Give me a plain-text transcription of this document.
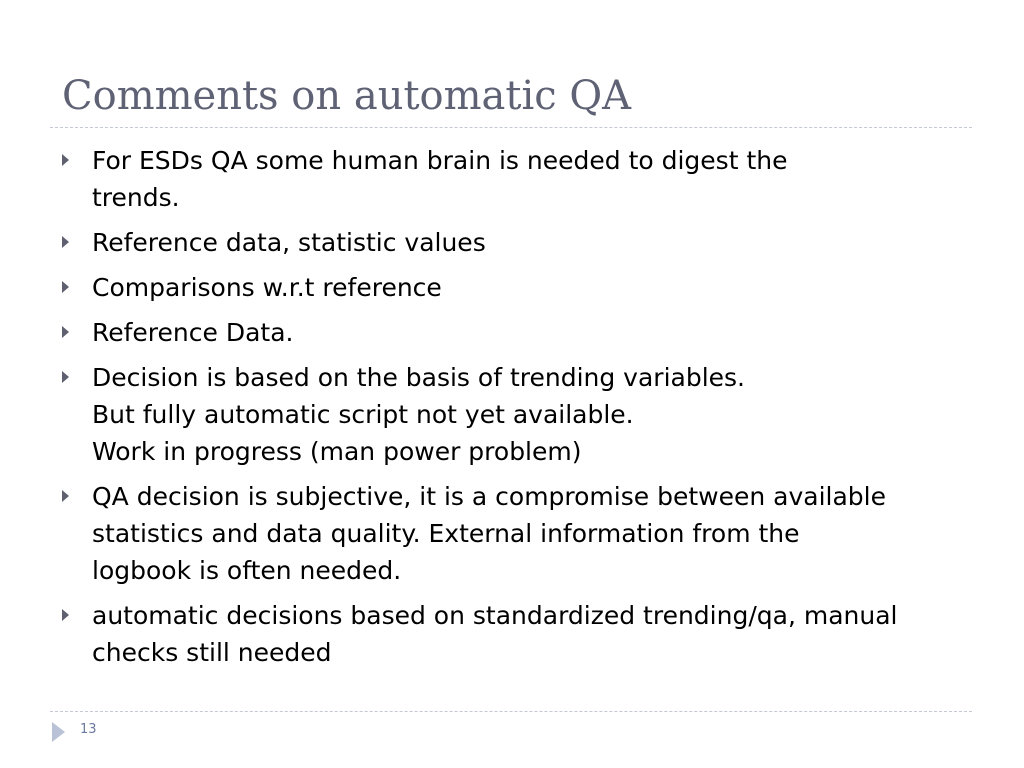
Comments on automatic QA
For ESDs QA some human brain is needed to digest the
trends.
Reference data, statistic values
Comparisons w.r.t reference
Reference Data.
Decision is based on the basis of trending variables.
But fully automatic script not yet available.
Work in progress (man power problem)
QA decision is subjective, it is a compromise between available
statistics and data quality. External information from the
logbook is often needed.
automatic decisions based on standardized trending/qa, manual
checks still needed
13
